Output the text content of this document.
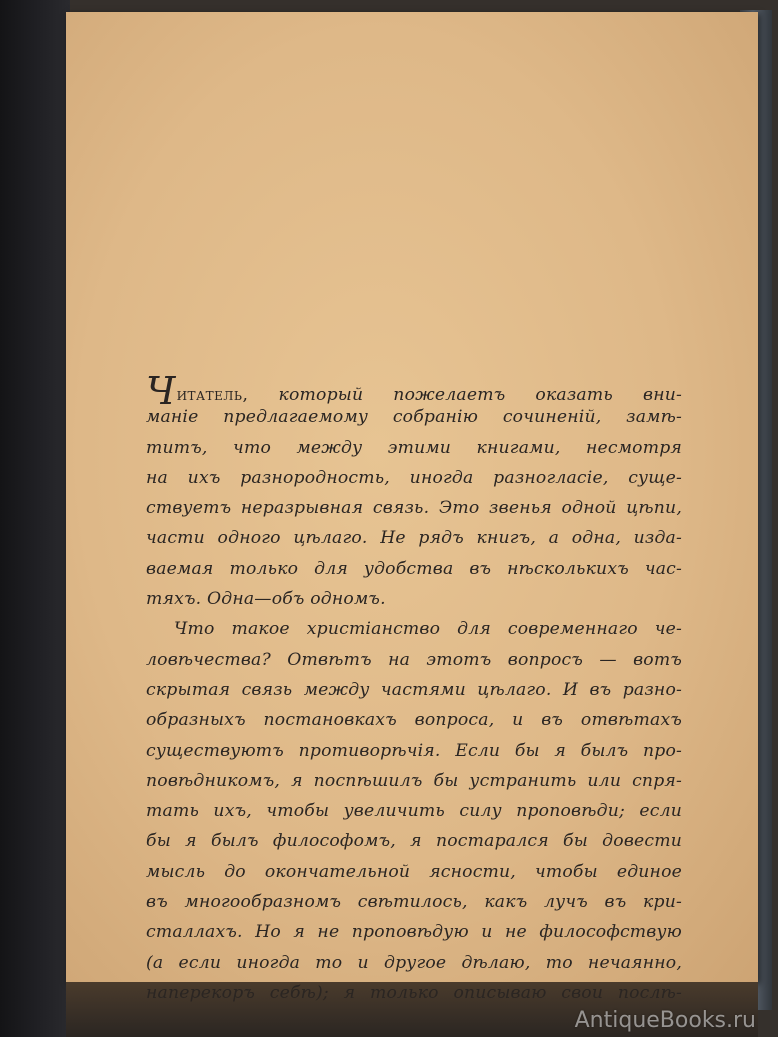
Читатель, который пожелаетъ оказать вни-
маніе предлагаемому собранію сочиненій, замѣ-
титъ, что между этими книгами, несмотря
на ихъ разнородность, иногда разногласіе, суще-
ствуетъ неразрывная связь. Это звенья одной цѣпи,
части одного цѣлаго. Не рядъ книгъ, а одна, изда-
ваемая только для удобства въ нѣсколькихъ час-
тяхъ. Одна—объ одномъ.
Что такое христіанство для современнаго че-
ловѣчества? Отвѣтъ на этотъ вопросъ — вотъ
скрытая связь между частями цѣлаго. И въ разно-
образныхъ постановкахъ вопроса, и въ отвѣтахъ
существуютъ противорѣчія. Если бы я былъ про-
повѣдникомъ, я поспѣшилъ бы устранить или спря-
тать ихъ, чтобы увеличить силу проповѣди; если
бы я былъ философомъ, я постарался бы довести
мысль до окончательной ясности, чтобы единое
въ многообразномъ свѣтилось, какъ лучъ въ кри-
сталлахъ. Но я не проповѣдую и не философствую
(а если иногда то и другое дѣлаю, то нечаянно,
наперекоръ себѣ); я только описываю свои послѣ-
AntiqueBooks.ru
